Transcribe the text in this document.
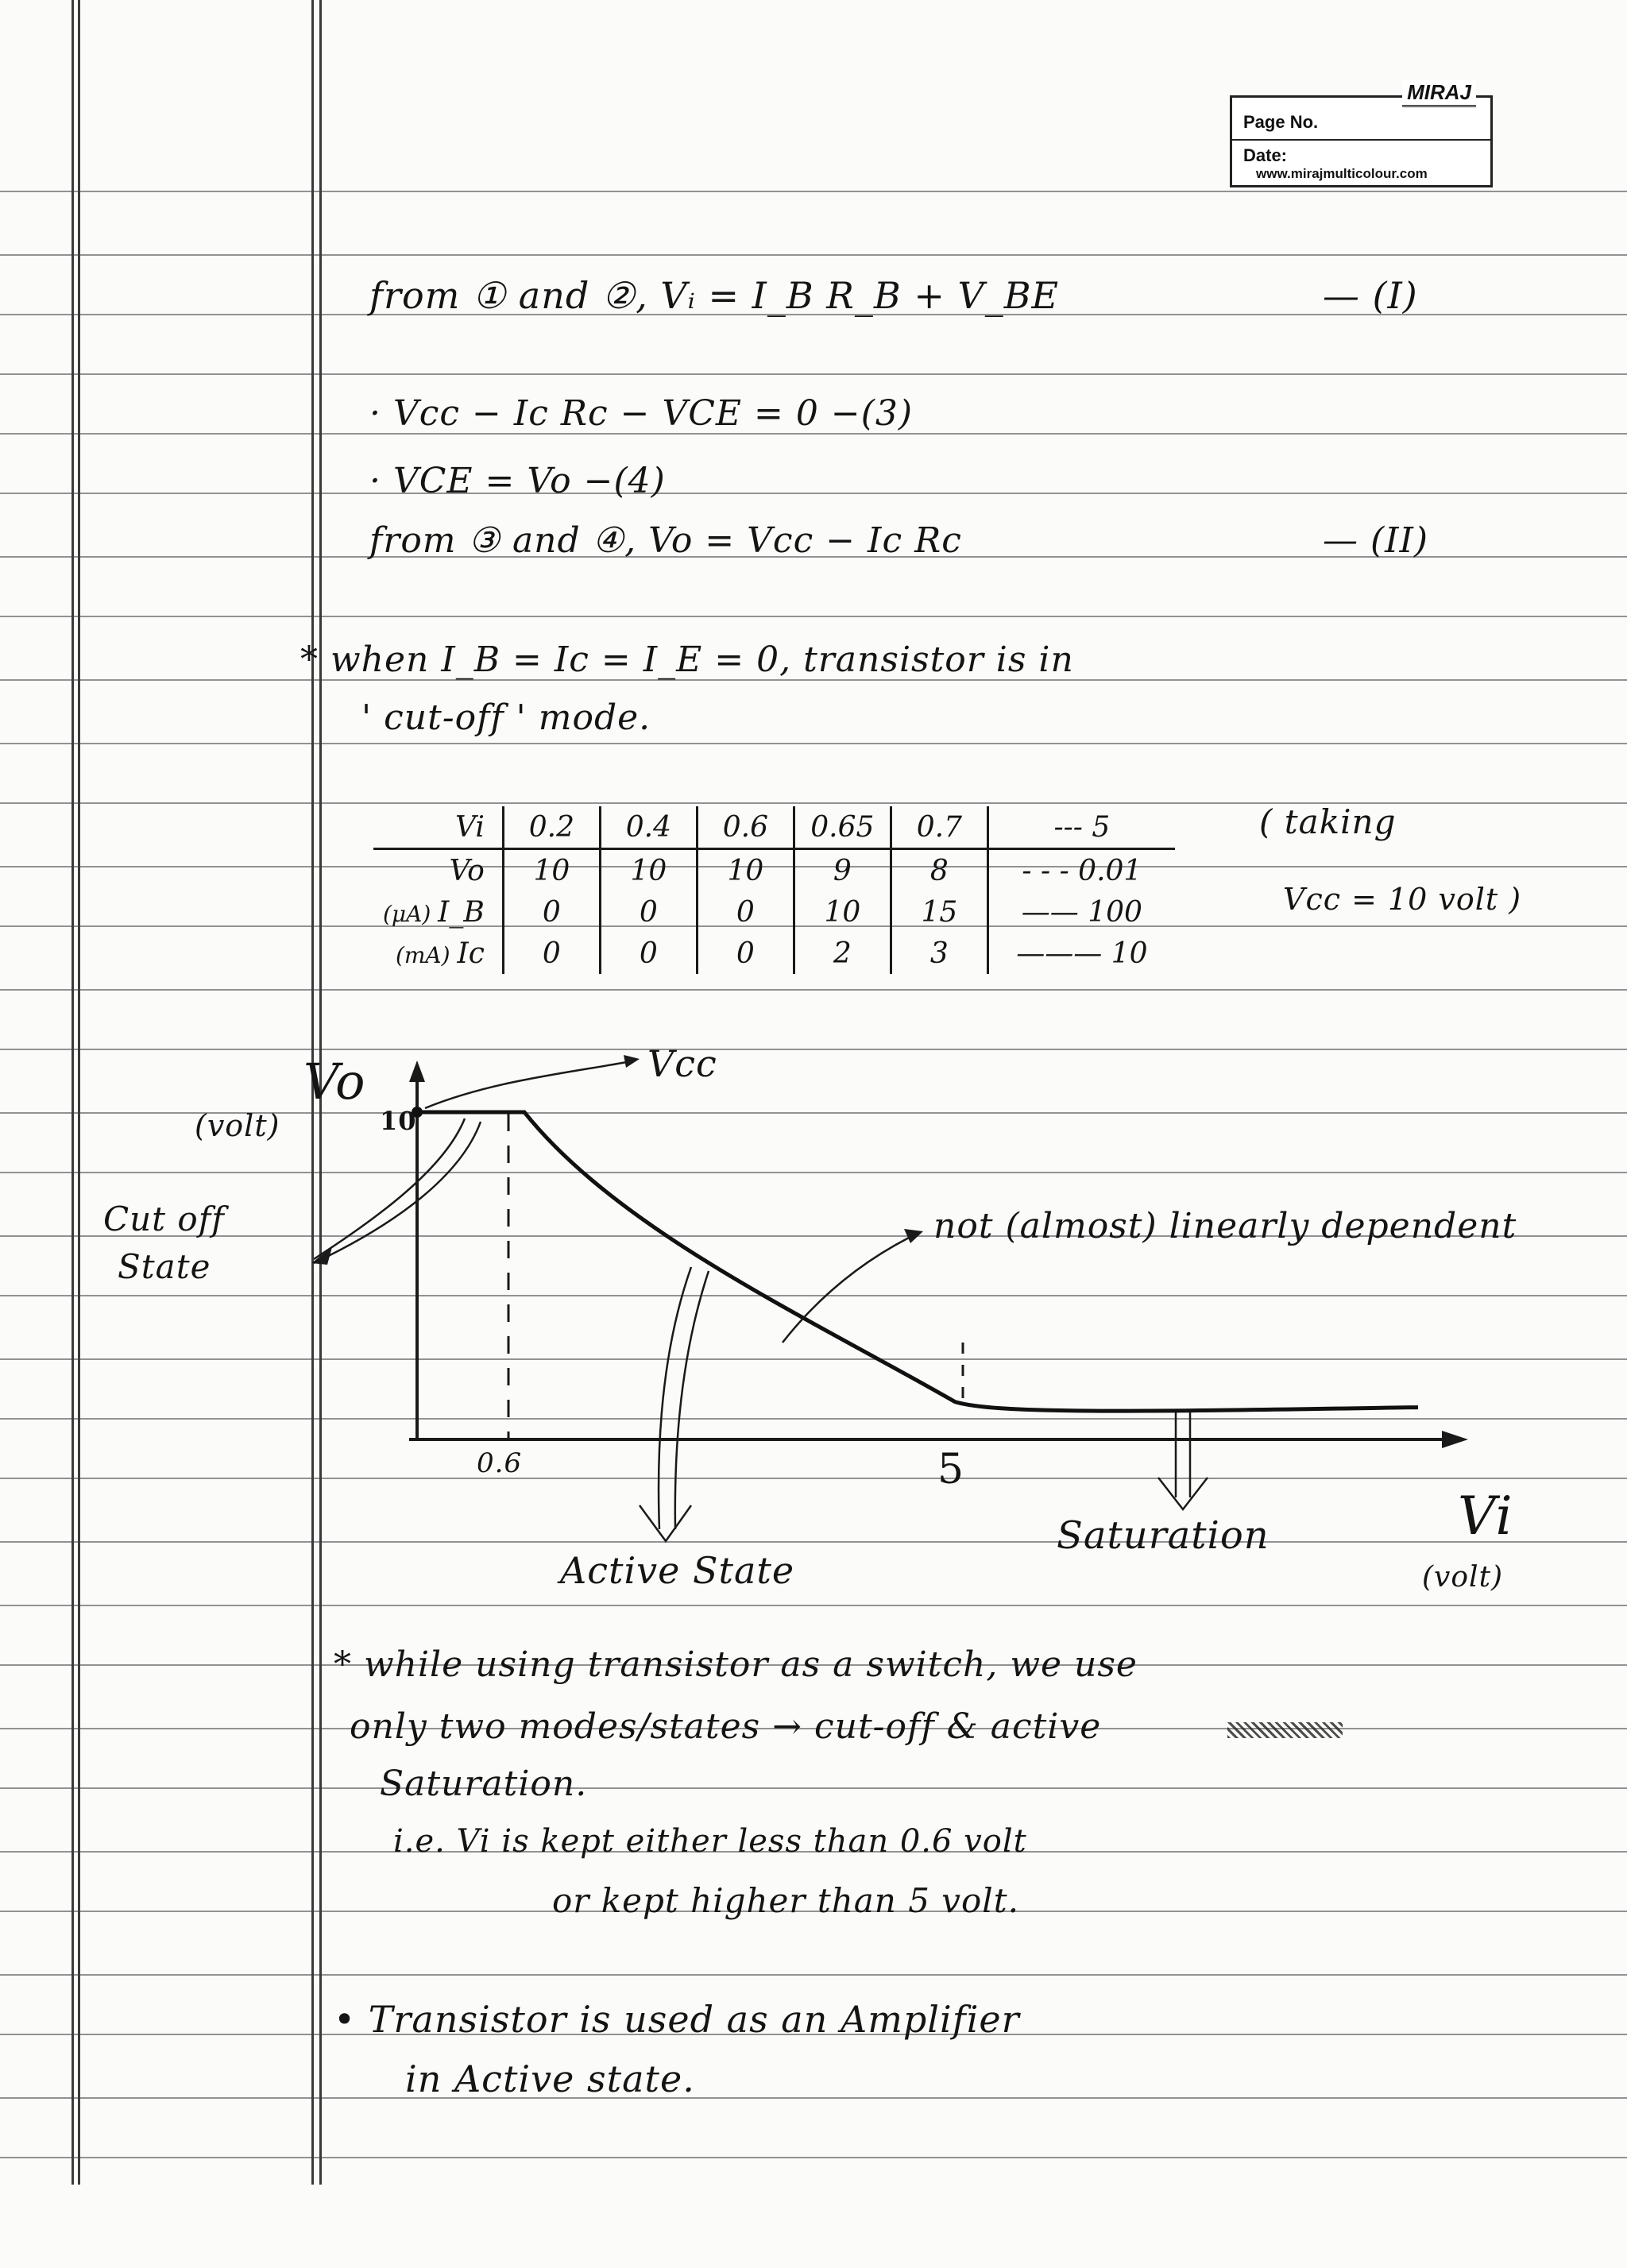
MIRAJ
Page No.
Date:
www.mirajmulticolour.com
from ① and ②, Vᵢ = I_B R_B + V_BE	— (I)
· Vcc − Ic Rc − VCE = 0 −(3)
· VCE = Vo −(4)
from ③ and ④, Vo = Vcc − Ic Rc	— (II)
* when I_B = Ic = I_E = 0, transistor is in
' cut-off ' mode.
Vi	0.2	0.4	0.6	0.65	0.7	--- 5
Vo	10	10	10	9	8	- - - 0.01
(μA) I_B	0	0	0	10	15	—— 100
(mA) Ic	0	0	0	2	3	——— 10
( taking
Vcc = 10 volt )
Vo
(volt)	10
Vcc
Cut off
State
not (almost) linearly dependent
0.6	5
Vi
(volt)
Active State
Saturation
* while using transistor as a switch, we use
only two modes/states → cut-off & active
Saturation.
i.e. Vi is kept either less than 0.6 volt
or kept higher than 5 volt.
• Transistor is used as an Amplifier
in Active state.
